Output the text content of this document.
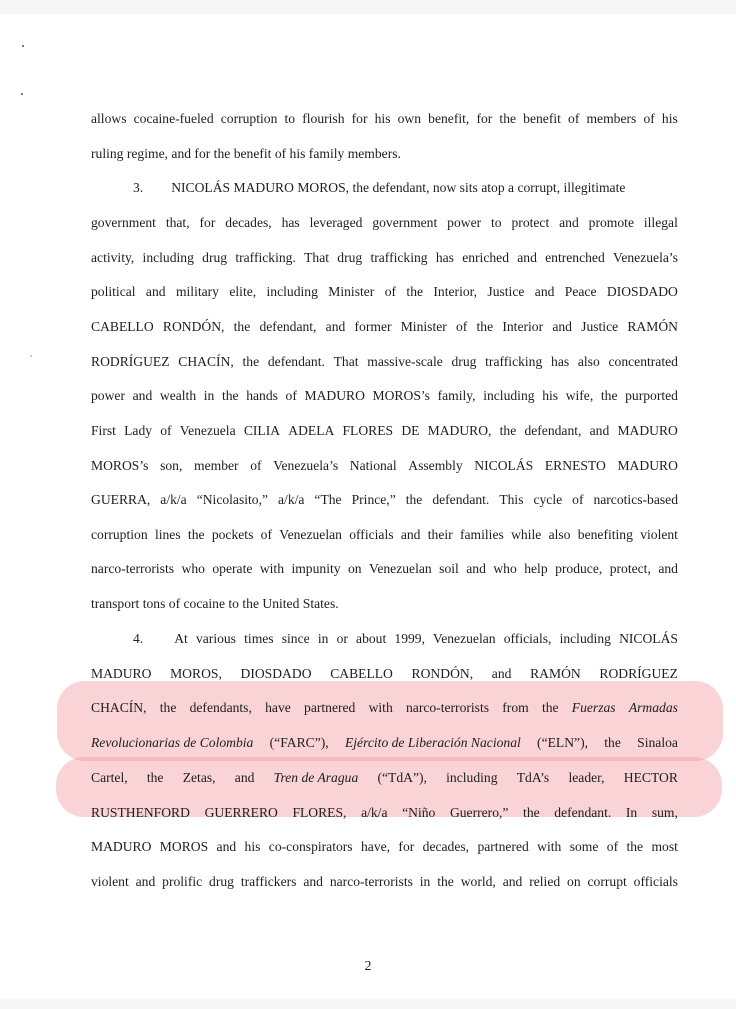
allows cocaine-fueled corruption to flourish for his own benefit, for the benefit of members of his
ruling regime, and for the benefit of his family members.
3. NICOLÁS MADURO MOROS, the defendant, now sits atop a corrupt, illegitimate
government that, for decades, has leveraged government power to protect and promote illegal
activity, including drug trafficking. That drug trafficking has enriched and entrenched Venezuela’s
political and military elite, including Minister of the Interior, Justice and Peace DIOSDADO
CABELLO RONDÓN, the defendant, and former Minister of the Interior and Justice RAMÓN
RODRÍGUEZ CHACÍN, the defendant. That massive-scale drug trafficking has also concentrated
power and wealth in the hands of MADURO MOROS’s family, including his wife, the purported
First Lady of Venezuela CILIA ADELA FLORES DE MADURO, the defendant, and MADURO
MOROS’s son, member of Venezuela’s National Assembly NICOLÁS ERNESTO MADURO
GUERRA, a/k/a “Nicolasito,” a/k/a “The Prince,” the defendant. This cycle of narcotics-based
corruption lines the pockets of Venezuelan officials and their families while also benefiting violent
narco-terrorists who operate with impunity on Venezuelan soil and who help produce, protect, and
transport tons of cocaine to the United States.
4. At various times since in or about 1999, Venezuelan officials, including NICOLÁS
MADURO MOROS, DIOSDADO CABELLO RONDÓN, and RAMÓN RODRÍGUEZ
CHACÍN, the defendants, have partnered with narco-terrorists from the Fuerzas Armadas
Revolucionarias de Colombia (“FARC”), Ejército de Liberación Nacional (“ELN”), the Sinaloa
Cartel, the Zetas, and Tren de Aragua (“TdA”), including TdA’s leader, HECTOR
RUSTHENFORD GUERRERO FLORES, a/k/a “Niño Guerrero,” the defendant. In sum,
MADURO MOROS and his co-conspirators have, for decades, partnered with some of the most
violent and prolific drug traffickers and narco-terrorists in the world, and relied on corrupt officials
2
